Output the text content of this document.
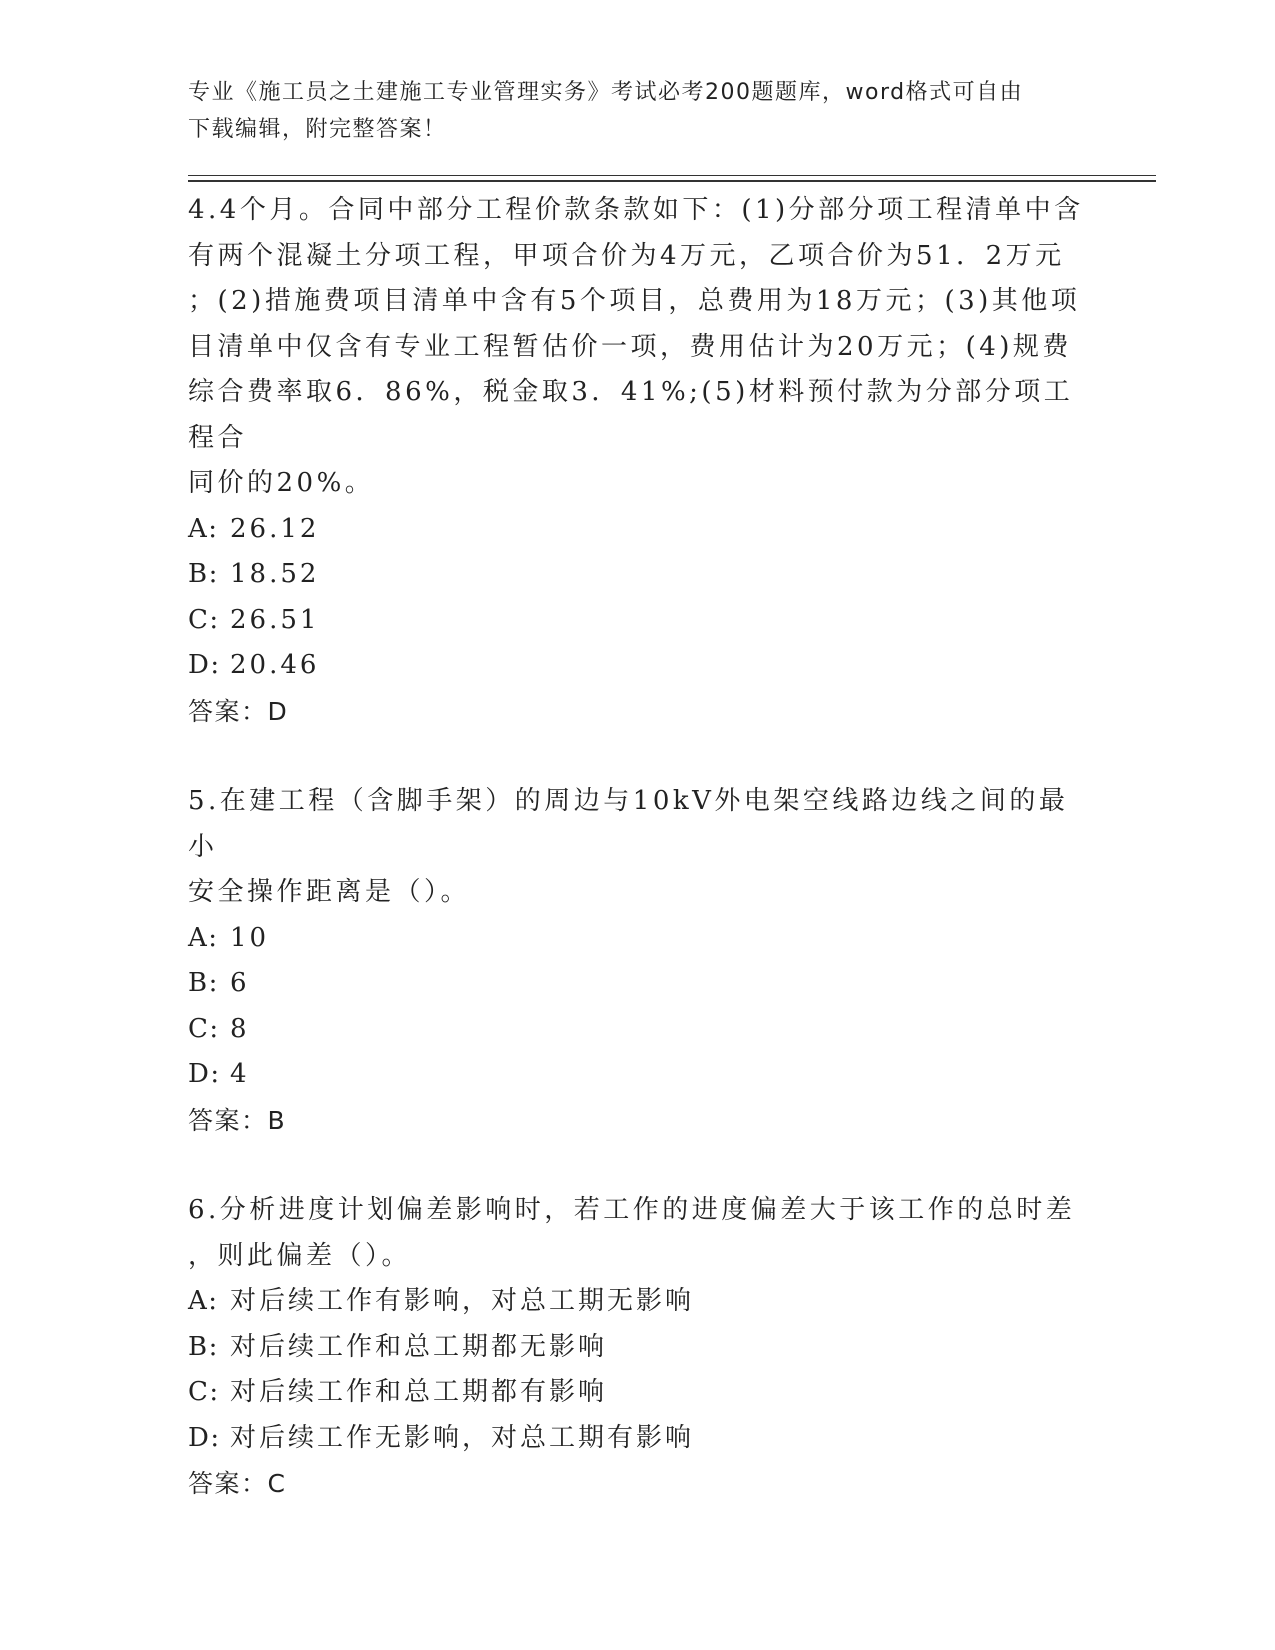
专业《施工员之土建施工专业管理实务》考试必考200题题库，word格式可自由
下载编辑，附完整答案！

4.4个月。合同中部分工程价款条款如下：(1)分部分项工程清单中含

有两个混凝土分项工程，甲项合价为4万元，乙项合价为51．2万元

；(2)措施费项目清单中含有5个项目，总费用为18万元；(3)其他项

目清单中仅含有专业工程暂估价一项，费用估计为20万元；(4)规费

综合费率取6．86%，税金取3．41%;(5)材料预付款为分部分项工程合

同价的20%。

A: 26.12

B: 18.52

C: 26.51

D: 20.46

答案：D

5.在建工程（含脚手架）的周边与10kV外电架空线路边线之间的最小

安全操作距离是（）。

A: 10

B: 6

C: 8

D: 4

答案：B

6.分析进度计划偏差影响时，若工作的进度偏差大于该工作的总时差

，则此偏差（）。

A: 对后续工作有影响，对总工期无影响

B: 对后续工作和总工期都无影响

C: 对后续工作和总工期都有影响

D: 对后续工作无影响，对总工期有影响

答案：C
